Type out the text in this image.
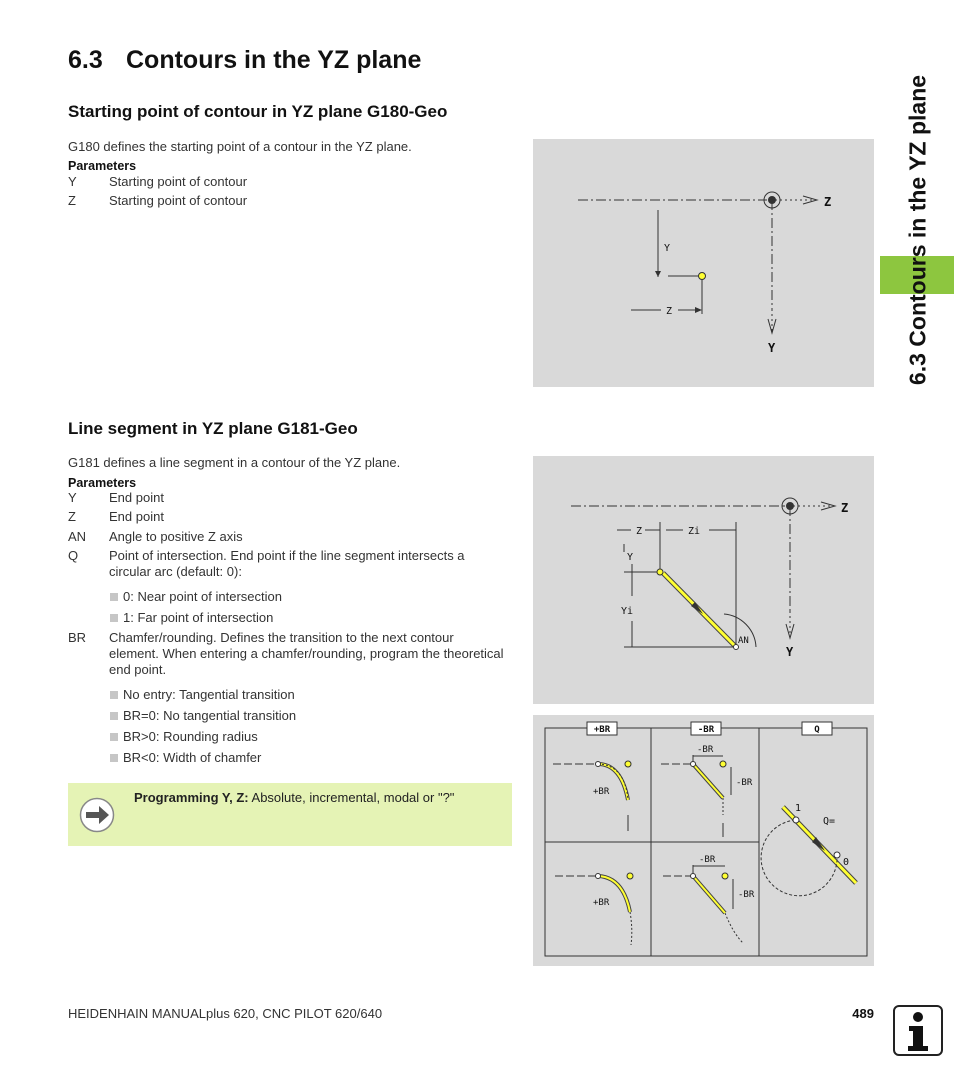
6.3 Contours in the YZ plane
6.3 Contours in the YZ plane
Starting point of contour in YZ plane G180-Geo
G180 defines the starting point of a contour in the YZ plane.
Parameters
Y	Starting point of contour
Z	Starting point of contour	Z
Y
Y
Z
Line segment in YZ plane G181-Geo
G181 defines a line segment in a contour of the YZ plane.
Parameters
Y	End point
Z	End point
AN	Angle to positive Z axis
Q	Point of intersection. End point if the line segment intersects a circular arc (default: 0):
0: Near point of intersection
1: Far point of intersection
BR	Chamfer/rounding. Defines the transition to the next contour element. When entering a chamfer/rounding, program the theoretical end point.
No entry: Tangential transition
BR=0: No tangential transition
BR>0: Rounding radius
BR<0: Width of chamfer
Z
Y
Z	Zi
Y
Yi
AN
Programming Y, Z: Absolute, incremental, modal or "?"
+BR	-BR	Q
+BR
-BR
-BR
1
Q=
0
+BR
-BR
-BR
HEIDENHAIN MANUALplus 620, CNC PILOT 620/640	489
